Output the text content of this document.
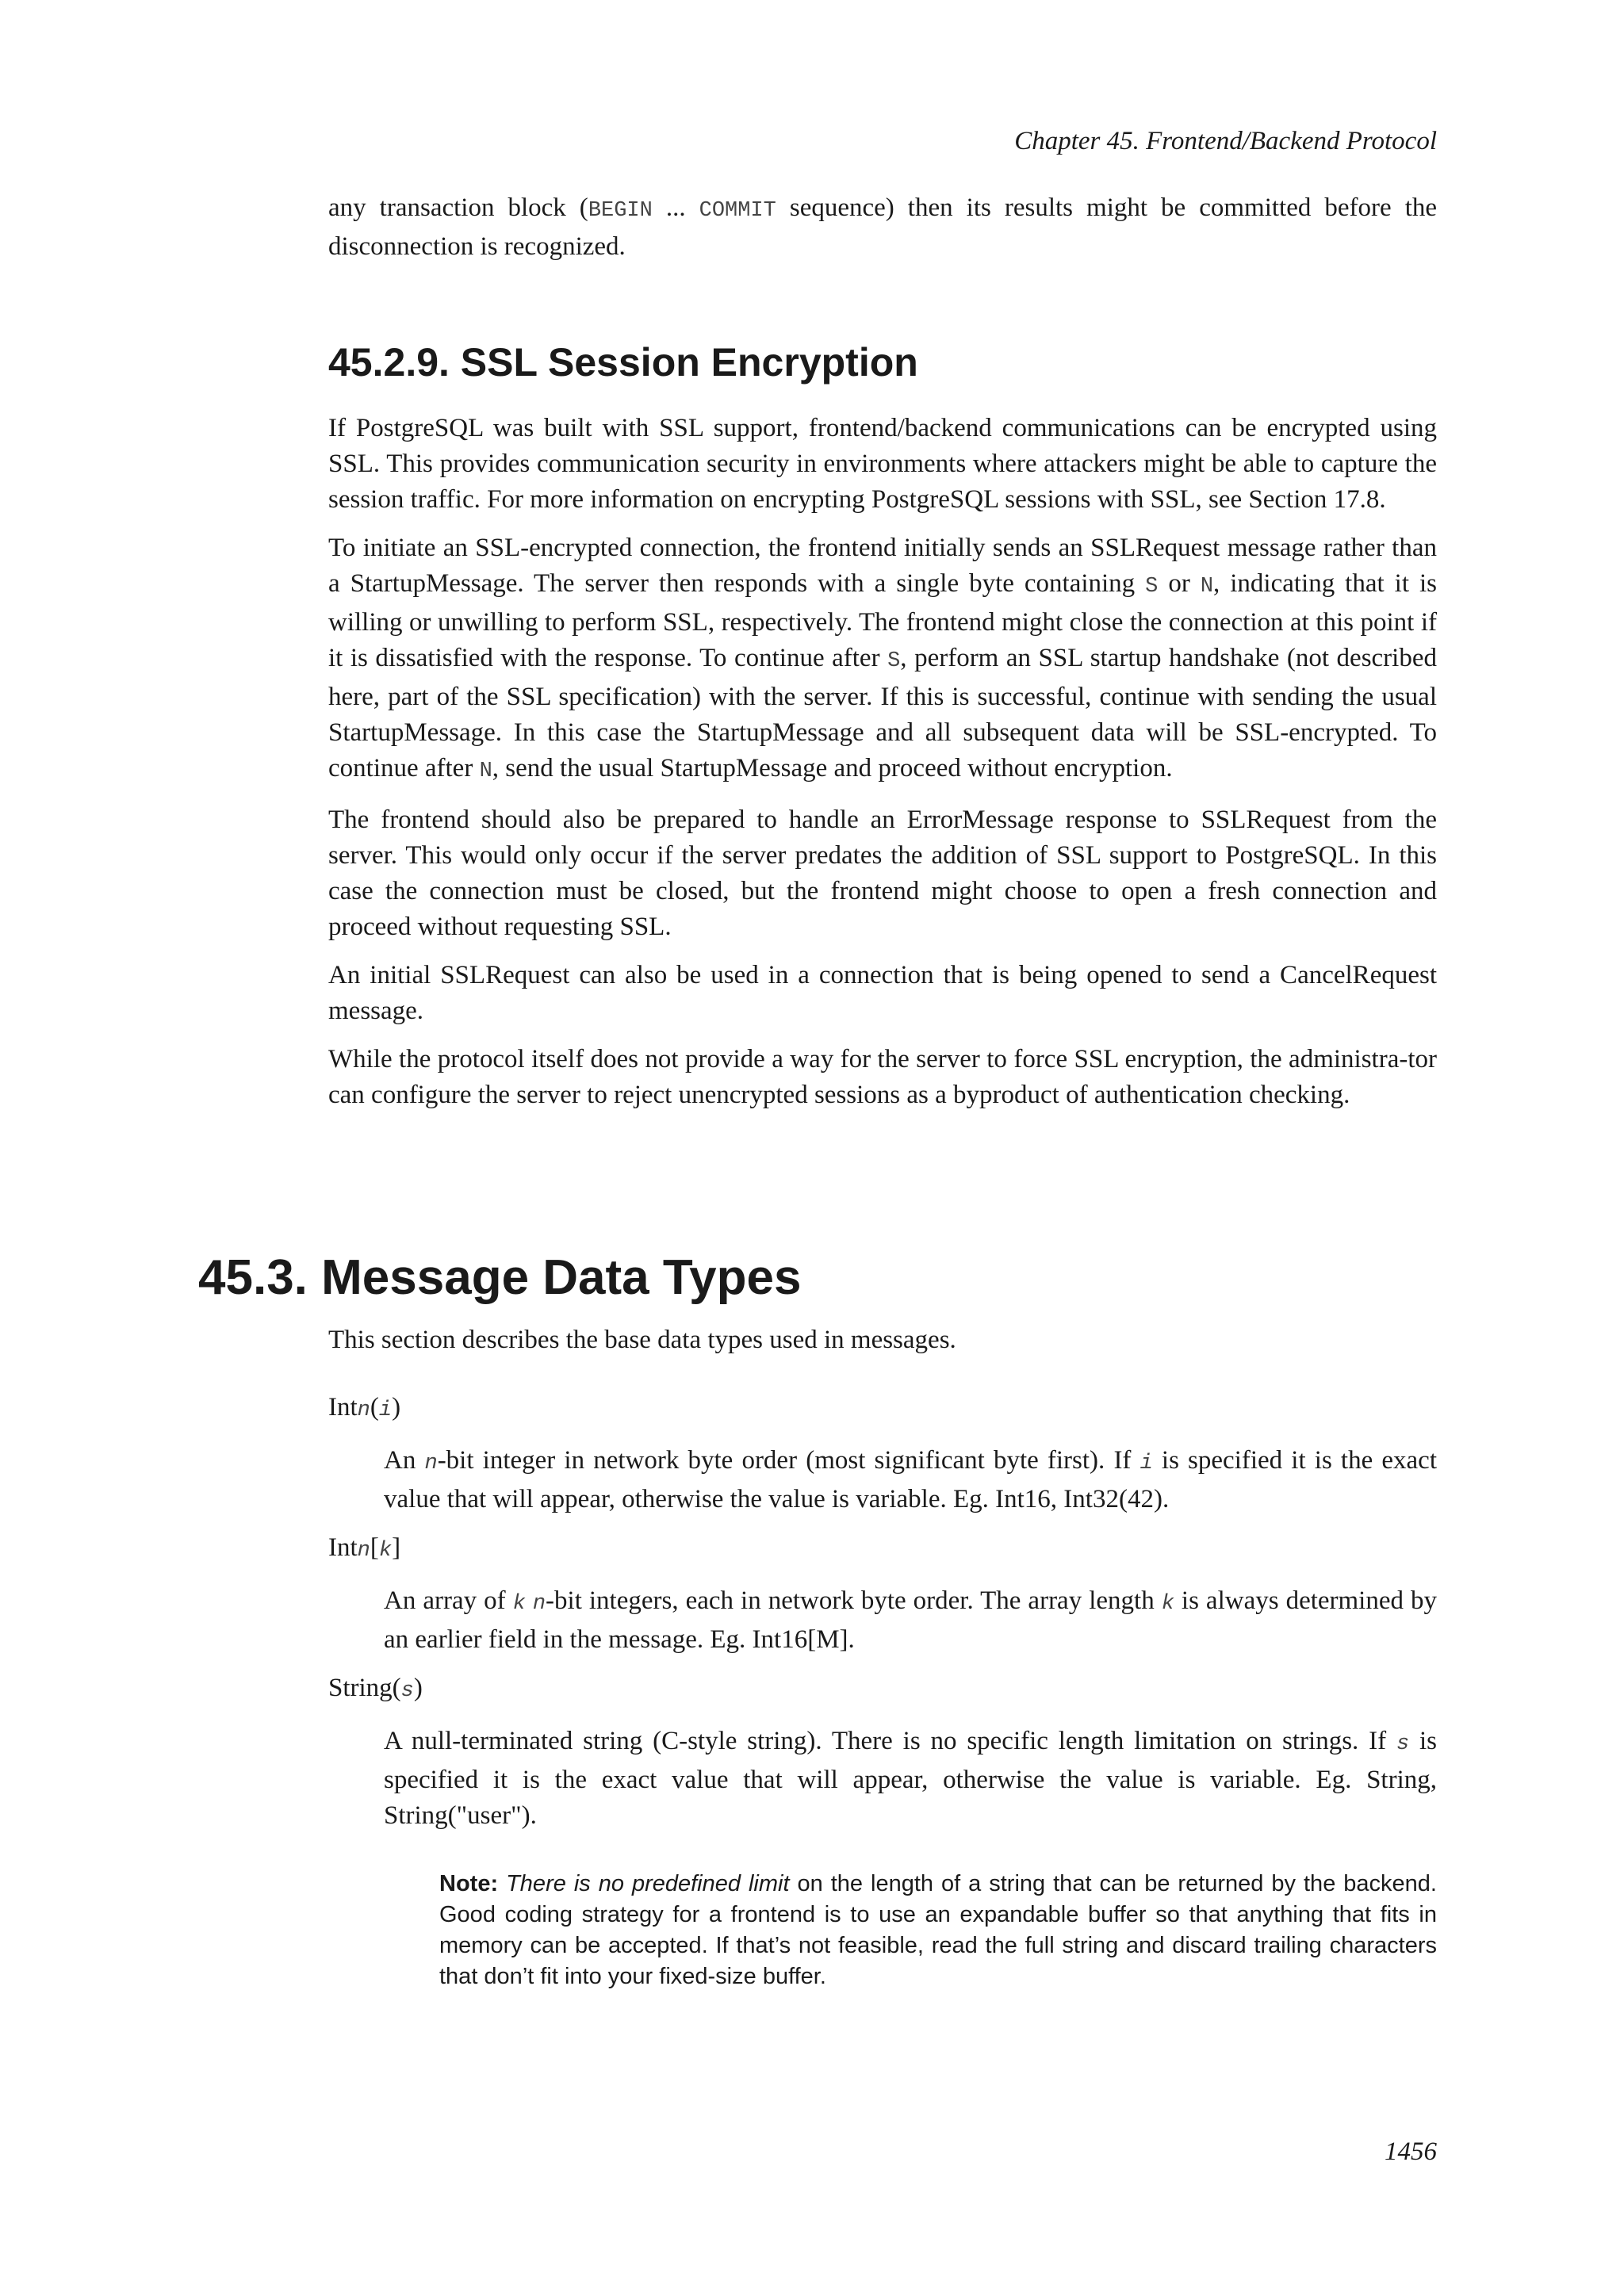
Chapter 45. Frontend/Backend Protocol

any transaction block (BEGIN ... COMMIT sequence) then its results might be committed before the disconnection is recognized.

45.2.9. SSL Session Encryption

If PostgreSQL was built with SSL support, frontend/backend communications can be encrypted using SSL. This provides communication security in environments where attackers might be able to capture the session traffic. For more information on encrypting PostgreSQL sessions with SSL, see Section 17.8.

To initiate an SSL-encrypted connection, the frontend initially sends an SSLRequest message rather than a StartupMessage. The server then responds with a single byte containing S or N, indicating that it is willing or unwilling to perform SSL, respectively. The frontend might close the connection at this point if it is dissatisfied with the response. To continue after S, perform an SSL startup handshake (not described here, part of the SSL specification) with the server. If this is successful, continue with sending the usual StartupMessage. In this case the StartupMessage and all subsequent data will be SSL-encrypted. To continue after N, send the usual StartupMessage and proceed without encryption.

The frontend should also be prepared to handle an ErrorMessage response to SSLRequest from the server. This would only occur if the server predates the addition of SSL support to PostgreSQL. In this case the connection must be closed, but the frontend might choose to open a fresh connection and proceed without requesting SSL.

An initial SSLRequest can also be used in a connection that is being opened to send a CancelRequest message.

While the protocol itself does not provide a way for the server to force SSL encryption, the administra-tor can configure the server to reject unencrypted sessions as a byproduct of authentication checking.

This section describes the base data types used in messages.

Intn(i)
An n-bit integer in network byte order (most significant byte first). If i is specified it is the exact value that will appear, otherwise the value is variable. Eg. Int16, Int32(42).
Intn[k]
An array of k n-bit integers, each in network byte order. The array length k is always determined by an earlier field in the message. Eg. Int16[M].
String(s)
A null-terminated string (C-style string). There is no specific length limitation on strings. If s is specified it is the exact value that will appear, otherwise the value is variable. Eg. String, String("user").
Note: There is no predefined limit on the length of a string that can be returned by the backend. Good coding strategy for a frontend is to use an expandable buffer so that anything that fits in memory can be accepted. If that’s not feasible, read the full string and discard trailing characters that don’t fit into your fixed-size buffer.
45.3. Message Data Types
1456
